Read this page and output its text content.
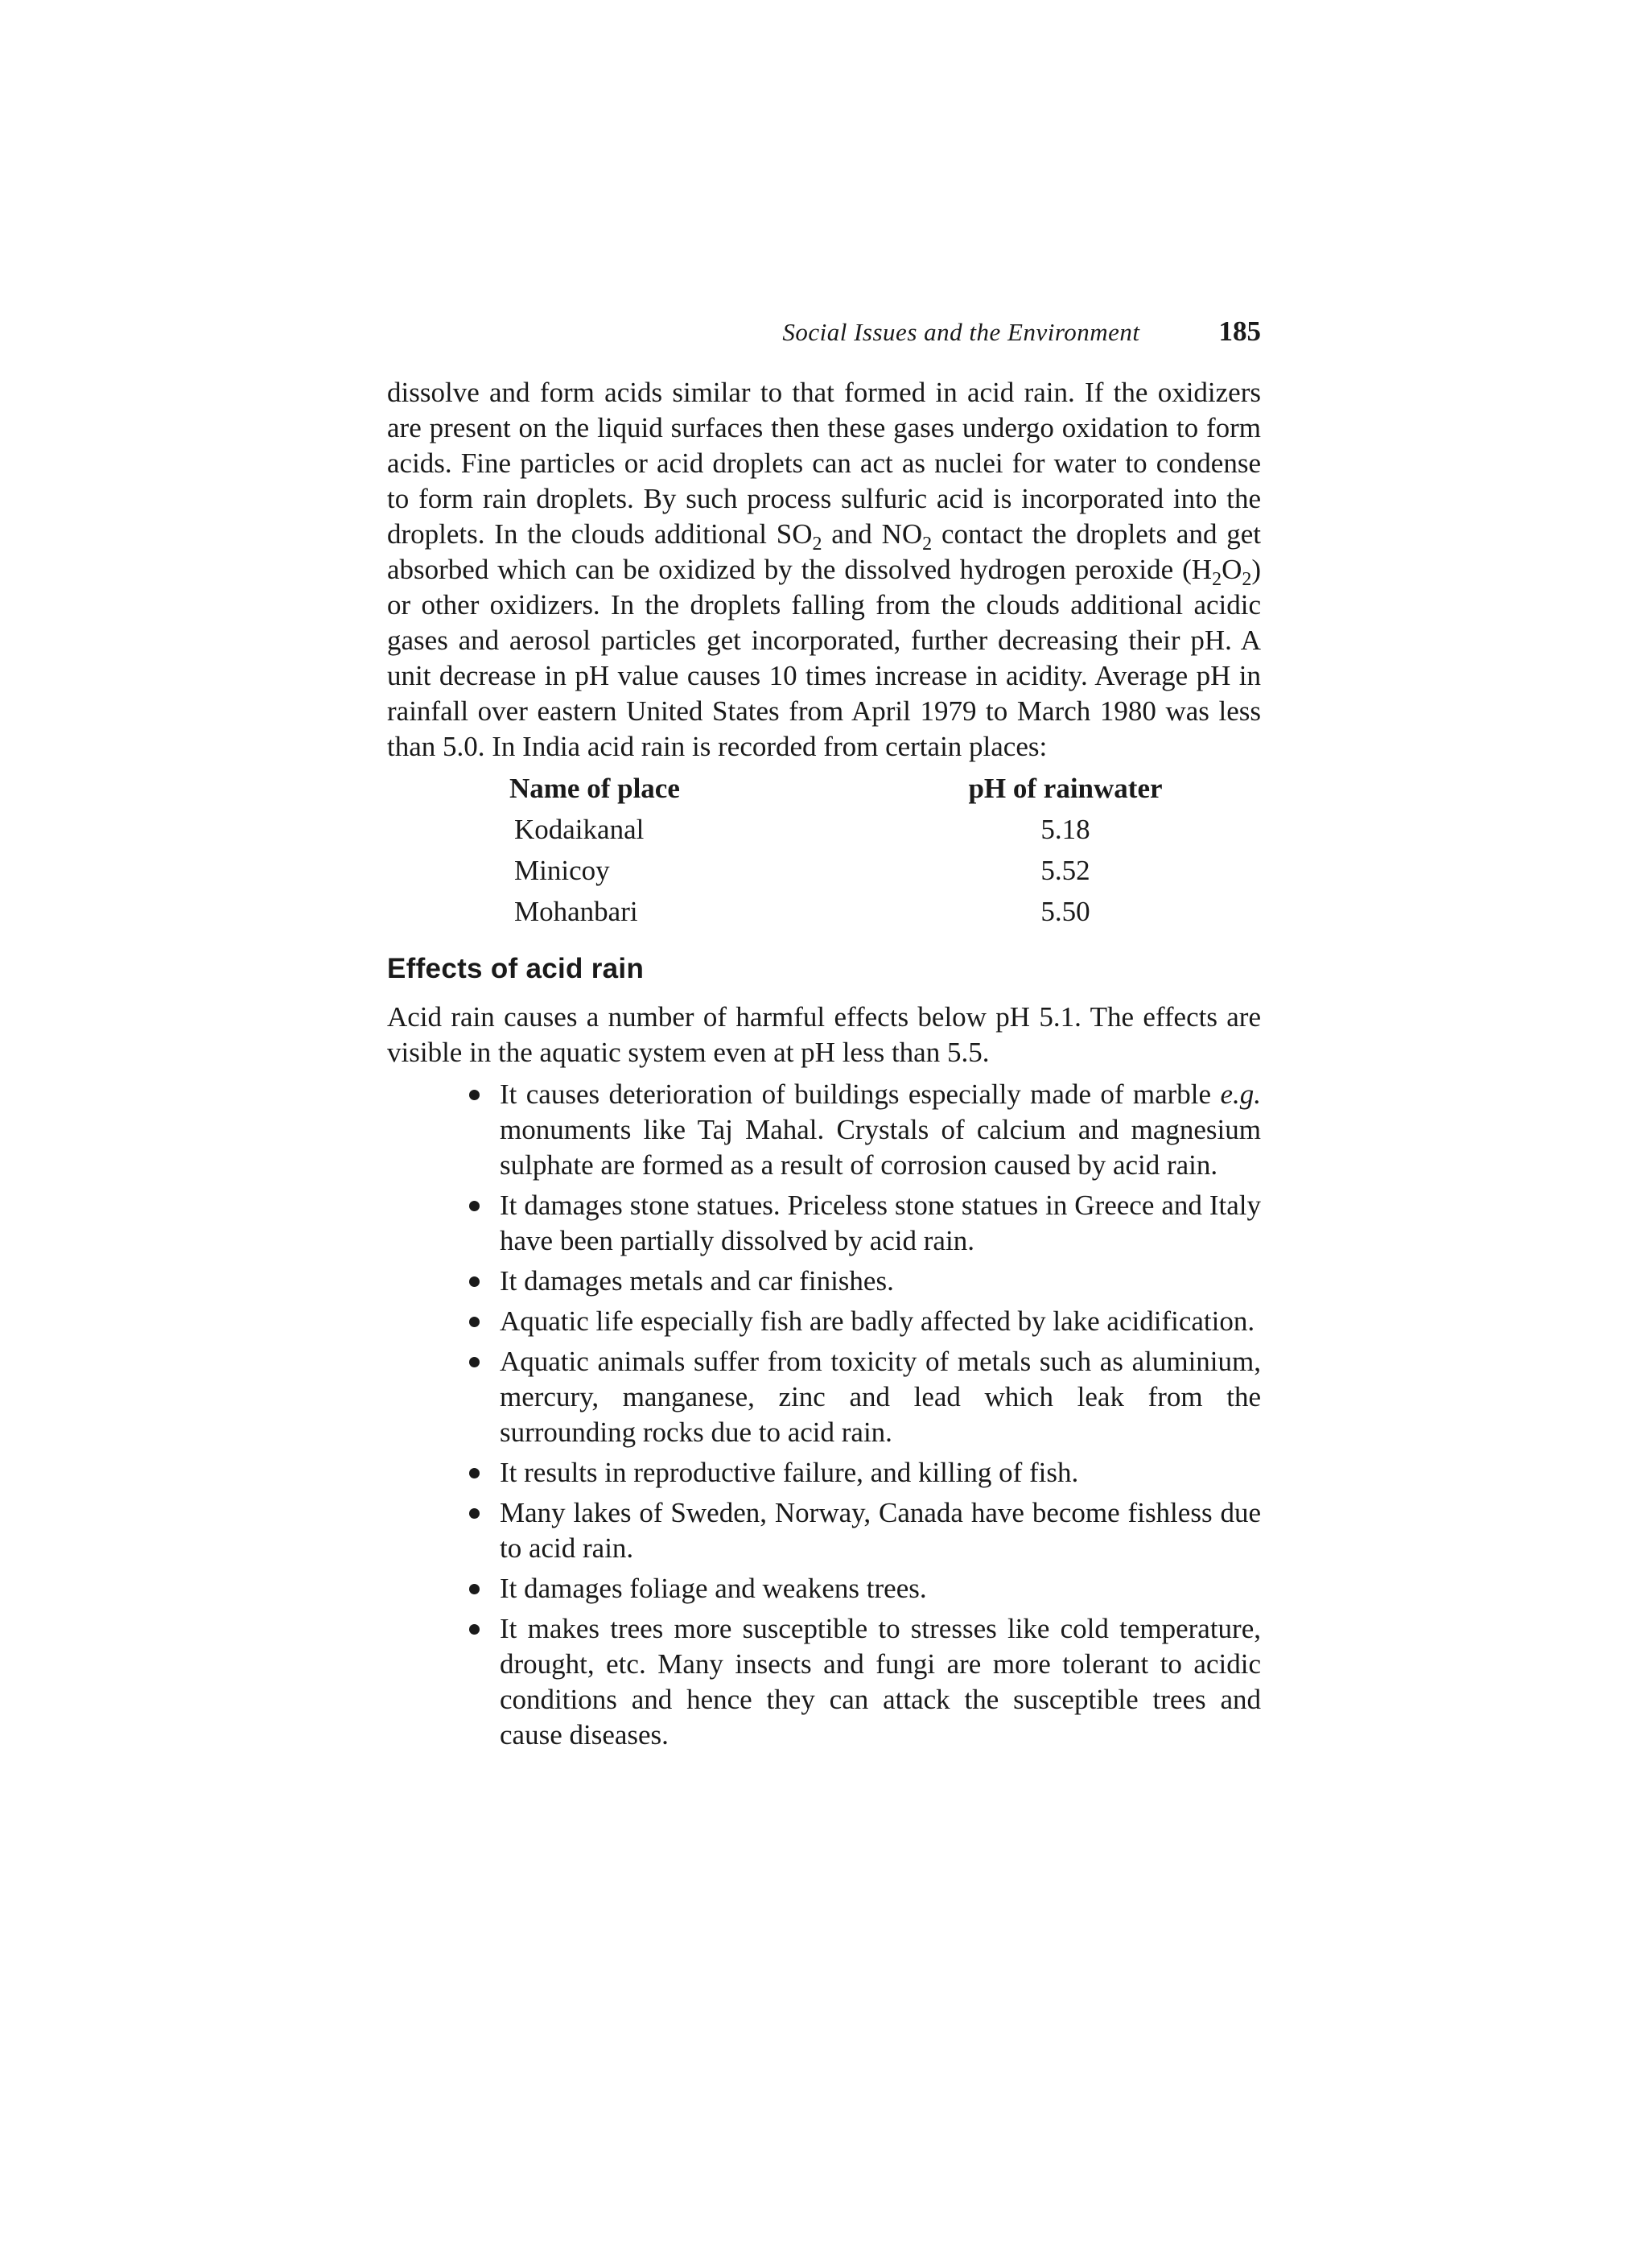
Social Issues and the Environment	185

dissolve and form acids similar to that formed in acid rain. If the oxidizers are present on the liquid surfaces then these gases undergo oxidation to form acids. Fine particles or acid droplets can act as nuclei for water to condense to form rain droplets. By such process sulfuric acid is incorporated into the droplets. In the clouds additional $SO_2$ and $NO_2$ contact the droplets and get absorbed which can be oxidized by the dissolved hydrogen peroxide $(H_2O_2)$ or other oxidizers. In the droplets falling from the clouds additional acidic gases and aerosol particles get incorporated, further decreasing their pH. A unit decrease in pH value causes 10 times increase in acidity. Average pH in rainfall over eastern United States from April 1979 to March 1980 was less than 5.0. In India acid rain is recorded from certain places:

Name of place	pH of rainwater
Kodaikanal	5.18
Minicoy	5.52
Mohanbari	5.50
Effects of acid rain

Acid rain causes a number of harmful effects below pH 5.1. The effects are visible in the aquatic system even at pH less than 5.5.

It causes deterioration of buildings especially made of marble e.g. monuments like Taj Mahal. Crystals of calcium and magnesium sulphate are formed as a result of corrosion caused by acid rain.
It damages stone statues. Priceless stone statues in Greece and Italy have been partially dissolved by acid rain.
It damages metals and car finishes.
Aquatic life especially fish are badly affected by lake acidification.
Aquatic animals suffer from toxicity of metals such as aluminium, mercury, manganese, zinc and lead which leak from the surrounding rocks due to acid rain.
It results in reproductive failure, and killing of fish.
Many lakes of Sweden, Norway, Canada have become fishless due to acid rain.
It damages foliage and weakens trees.
It makes trees more susceptible to stresses like cold temperature, drought, etc. Many insects and fungi are more tolerant to acidic conditions and hence they can attack the susceptible trees and cause diseases.
